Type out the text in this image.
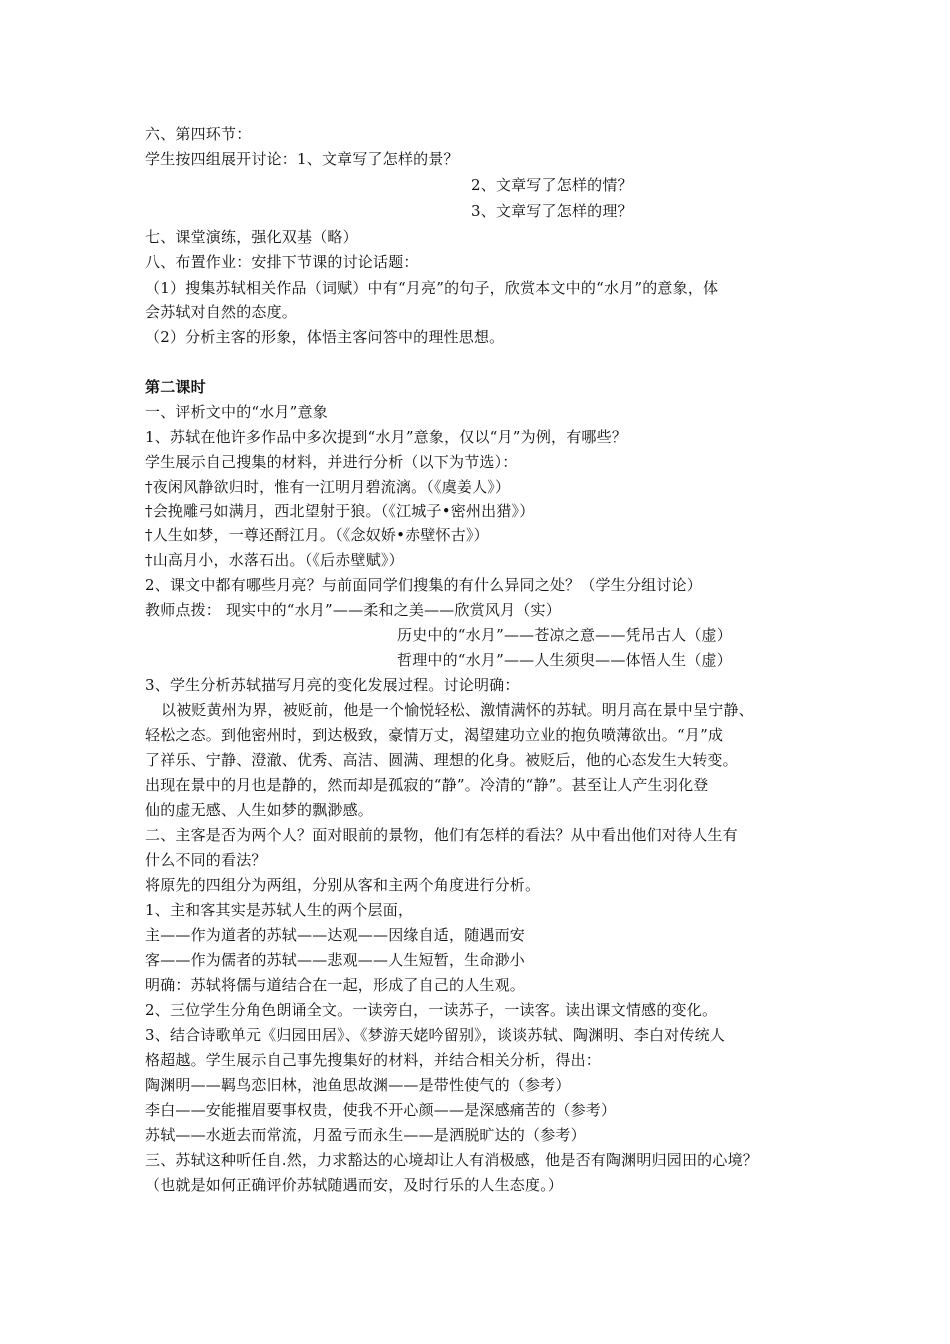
六、第四环节：
学生按四组展开讨论：1、文章写了怎样的景？
2、文章写了怎样的情？
3、文章写了怎样的理？
七、课堂演练，强化双基（略）
八、布置作业：安排下节课的讨论话题：
（1）搜集苏轼相关作品（词赋）中有“月亮”的句子，欣赏本文中的“水月”的意象，体
会苏轼对自然的态度。
（2）分析主客的形象，体悟主客问答中的理性思想。
第二课时
一、评析文中的“水月”意象
1、苏轼在他许多作品中多次提到“水月”意象，仅以“月”为例，有哪些？
学生展示自己搜集的材料，并进行分析（以下为节选）：
†夜闲风静欲归时，惟有一江明月碧流漓。（《虞姜人》）
†会挽雕弓如满月，西北望射于狼。（《江城子•密州出猎》）
†人生如梦，一尊还酹江月。（《念奴娇•赤壁怀古》）
†山高月小，水落石出。（《后赤壁赋》）
2、课文中都有哪些月亮？与前面同学们搜集的有什么异同之处？（学生分组讨论）
教师点拨： 现实中的“水月”——柔和之美——欣赏风月（实）
历史中的“水月”——苍凉之意——凭吊古人（虚）
哲理中的“水月”——人生须臾——体悟人生（虚）
3、学生分析苏轼描写月亮的变化发展过程。讨论明确：
以被贬黄州为界，被贬前，他是一个愉悦轻松、激情满怀的苏轼。明月高在景中呈宁静、
轻松之态。到他密州时，到达极致，豪情万丈，渴望建功立业的抱负喷薄欲出。“月”成
了祥乐、宁静、澄澈、优秀、高洁、圆满、理想的化身。被贬后，他的心态发生大转变。
出现在景中的月也是静的，然而却是孤寂的“静”。冷清的“静”。甚至让人产生羽化登
仙的虚无感、人生如梦的飘渺感。
二、主客是否为两个人？面对眼前的景物，他们有怎样的看法？从中看出他们对待人生有
什么不同的看法？
将原先的四组分为两组，分别从客和主两个角度进行分析。
1、主和客其实是苏轼人生的两个层面，
主——作为道者的苏轼——达观——因缘自适，随遇而安
客——作为儒者的苏轼——悲观——人生短暂，生命渺小
明确：苏轼将儒与道结合在一起，形成了自己的人生观。
2、三位学生分角色朗诵全文。一读旁白，一读苏子，一读客。读出课文情感的变化。
3、结合诗歌单元《归园田居》、《梦游天姥吟留别》，谈谈苏轼、陶渊明、李白对传统人
格超越。学生展示自己事先搜集好的材料，并结合相关分析，得出：
陶渊明——羁鸟恋旧林，池鱼思故渊——是带性使气的（参考）
李白——安能摧眉要事权贵，使我不开心颜——是深感痛苦的（参考）
苏轼——水逝去而常流，月盈亏而永生——是洒脱旷达的（参考）
三、苏轼这种听任自.然，力求豁达的心境却让人有消极感，他是否有陶渊明归园田的心境？
（也就是如何正确评价苏轼随遇而安，及时行乐的人生态度。）
